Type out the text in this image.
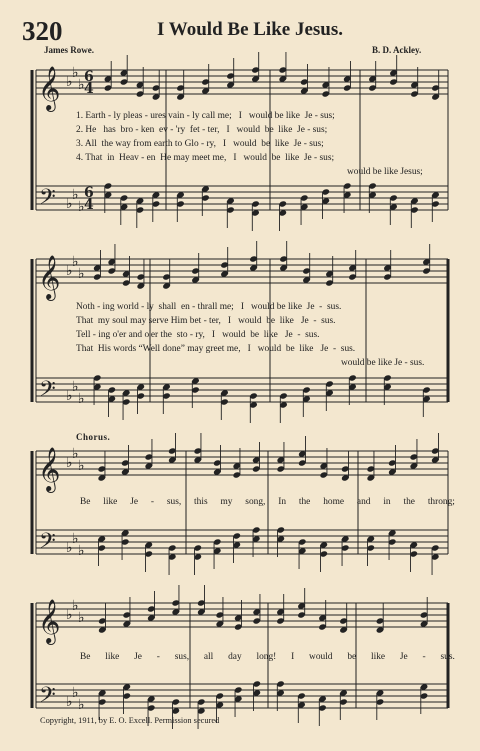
320	I Would Be Like Jesus.
James Rowe.	B. D. Ackley.
𝄞
𝄢
♭
♭
♭
♭
♭
♭
6
4
6
4
𝄞
𝄢
♭
♭
♭
♭
♭
♭
𝄞
𝄢
♭
♭
♭
♭
♭
♭
𝄞
𝄢
♭
♭
♭
♭
♭
♭
1. Earth - ly pleas - ures vain - ly call me;   I   would be like  Je - sus;
2. He   has  bro - ken  ev - 'ry  fet - ter,   I   would  be  like  Je - sus;
3. All  the way from earth to Glo - ry,   I   would  be  like  Je - sus;
4. That  in  Heav - en  He may meet me,   I   would  be  like  Je - sus;
would be like Jesus;
Noth - ing world - ly  shall  en - thrall me;   I   would be like  Je  -  sus.
That  my soul may serve Him bet - ter,   I   would  be  like   Je  -  sus.
Tell - ing o'er and o'er the  sto - ry,   I   would  be  like   Je  -  sus.
That  His words “Well done” may greet me,   I   would  be  like   Je  -  sus.
would be like Je - sus.
Chorus.
Be like Je - sus, this my song, In the home and in the throng;
Be like Je - sus, all day long! I would be like Je - sus.
Copyright, 1911, by E. O. Excell. Permission secured
